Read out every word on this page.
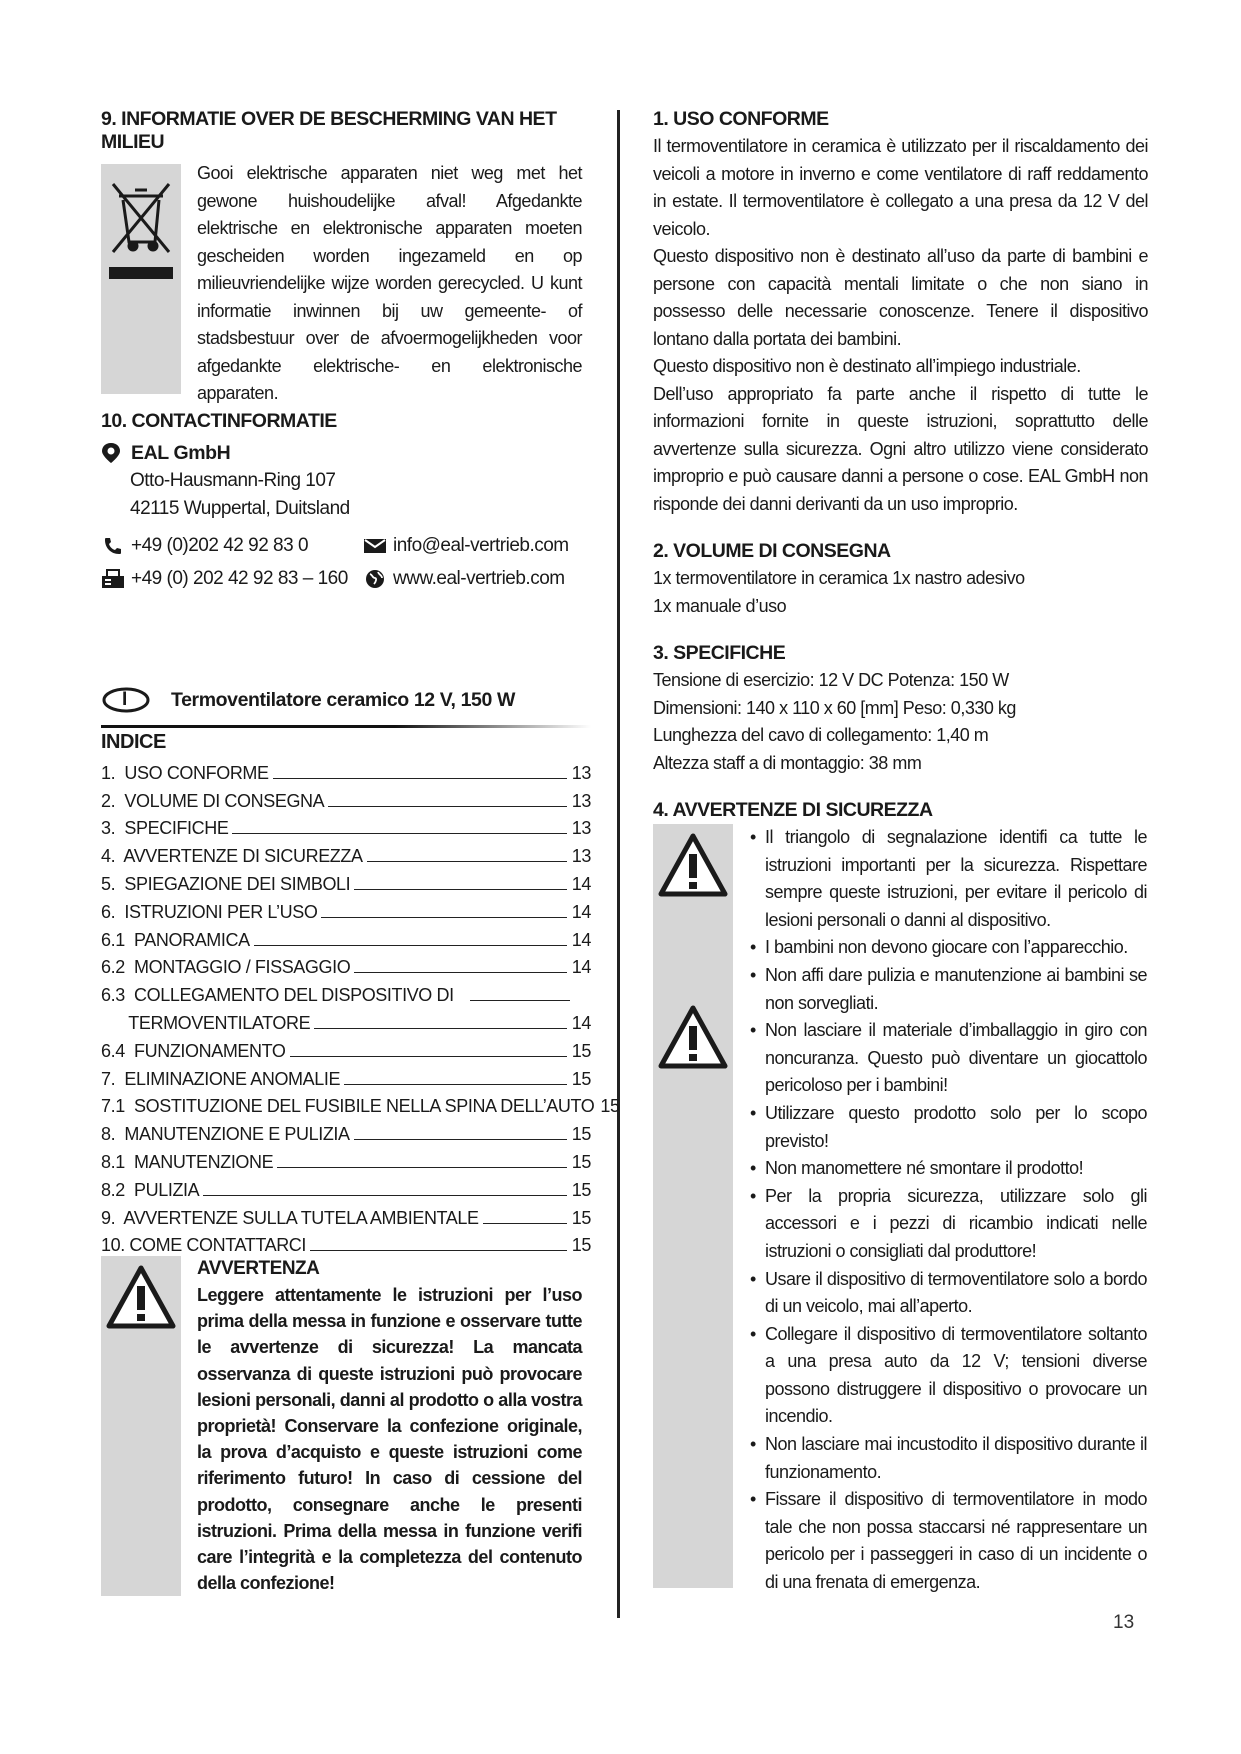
9. INFORMATIE OVER DE BESCHERMING VAN HET MILIEU

Gooi elektrische apparaten niet weg met het gewone huishoudelijke afval! Afgedankte elektrische en elektronische apparaten moeten gescheiden worden ingezameld en op milieuvriendelijke wijze worden gerecycled. U kunt informatie inwinnen bij uw gemeente- of stadsbestuur over de afvoermogelijkheden voor afgedankte elektrische- en elektronische apparaten.

10. CONTACTINFORMATIE
EAL GmbH
Otto-Hausmann-Ring 107
42115 Wuppertal, Duitsland
+49 (0)202 42 92 83 0
+49 (0) 202 42 92 83 – 160
info@eal-vertrieb.com
www.eal-vertrieb.com
I Termoventilatore ceramico 12 V, 150 W
INDICE
1.  USO CONFORME	13
2.  VOLUME DI CONSEGNA	13
3.  SPECIFICHE	13
4.  AVVERTENZE DI SICUREZZA	13
5.  SPIEGAZIONE DEI SIMBOLI	14
6.  ISTRUZIONI PER L’USO	14
6.1  PANORAMICA	14
6.2  MONTAGGIO / FISSAGGIO	14
6.3  COLLEGAMENTO DEL DISPOSITIVO DI
TERMOVENTILATORE	14
6.4  FUNZIONAMENTO	15
7.  ELIMINAZIONE ANOMALIE	15
7.1  SOSTITUZIONE DEL FUSIBILE NELLA SPINA DELL’AUTO 15
8.  MANUTENZIONE E PULIZIA	15
8.1  MANUTENZIONE	15
8.2  PULIZIA	15
9.  AVVERTENZE SULLA TUTELA AMBIENTALE	15
10. COME CONTATTARCI	15
AVVERTENZA

Leggere attentamente le istruzioni per l’uso prima della messa in funzione e osservare tutte le avvertenze di sicurezza! La mancata osservanza di queste istruzioni può provocare lesioni personali, danni al prodotto o alla vostra proprietà! Conservare la confezione originale, la prova d’acquisto e queste istruzioni come riferimento futuro! In caso di cessione del prodotto, consegnare anche le presenti istruzioni. Prima della messa in funzione verifi care l’integrità e la completezza del contenuto della confezione!

1. USO CONFORME

Il termoventilatore in ceramica è utilizzato per il riscaldamento dei veicoli a motore in inverno e come ventilatore di raff reddamento in estate. Il termoventilatore è collegato a una presa da 12 V del veicolo.

Questo dispositivo non è destinato all’uso da parte di bambini e persone con capacità mentali limitate o che non siano in possesso delle necessarie conoscenze. Tenere il dispositivo lontano dalla portata dei bambini.

Questo dispositivo non è destinato all’impiego industriale.

Dell’uso appropriato fa parte anche il rispetto di tutte le informazioni fornite in queste istruzioni, soprattutto delle avvertenze sulla sicurezza. Ogni altro utilizzo viene considerato improprio e può causare danni a persone o cose. EAL GmbH non risponde dei danni derivanti da un uso improprio.

2. VOLUME DI CONSEGNA

1x termoventilatore in ceramica 1x nastro adesivo

1x manuale d’uso

3. SPECIFICHE

Tensione di esercizio: 12 V DC Potenza: 150 W

Dimensioni: 140 x 110 x 60 [mm] Peso: 0,330 kg

Lunghezza del cavo di collegamento: 1,40 m

Altezza staff a di montaggio: 38 mm

4. AVVERTENZE DI SICUREZZA
• Il triangolo di segnalazione identifi ca tutte le istruzioni importanti per la sicurezza. Rispettare sempre queste istruzioni, per evitare il pericolo di lesioni personali o danni al dispositivo.
• I bambini non devono giocare con l’apparecchio.
• Non affi dare pulizia e manutenzione ai bambini se non sorvegliati.
• Non lasciare il materiale d’imballaggio in giro con noncuranza. Questo può diventare un giocattolo pericoloso per i bambini!
• Utilizzare questo prodotto solo per lo scopo previsto!
• Non manomettere né smontare il prodotto!
• Per la propria sicurezza, utilizzare solo gli accessori e i pezzi di ricambio indicati nelle istruzioni o consigliati dal produttore!
• Usare il dispositivo di termoventilatore solo a bordo di un veicolo, mai all’aperto.
• Collegare il dispositivo di termoventilatore soltanto a una presa auto da 12 V; tensioni diverse possono distruggere il dispositivo o provocare un incendio.
• Non lasciare mai incustodito il dispositivo durante il funzionamento.
• Fissare il dispositivo di termoventilatore in modo tale che non possa staccarsi né rappresentare un pericolo per i passeggeri in caso di un incidente o di una frenata di emergenza.
13
